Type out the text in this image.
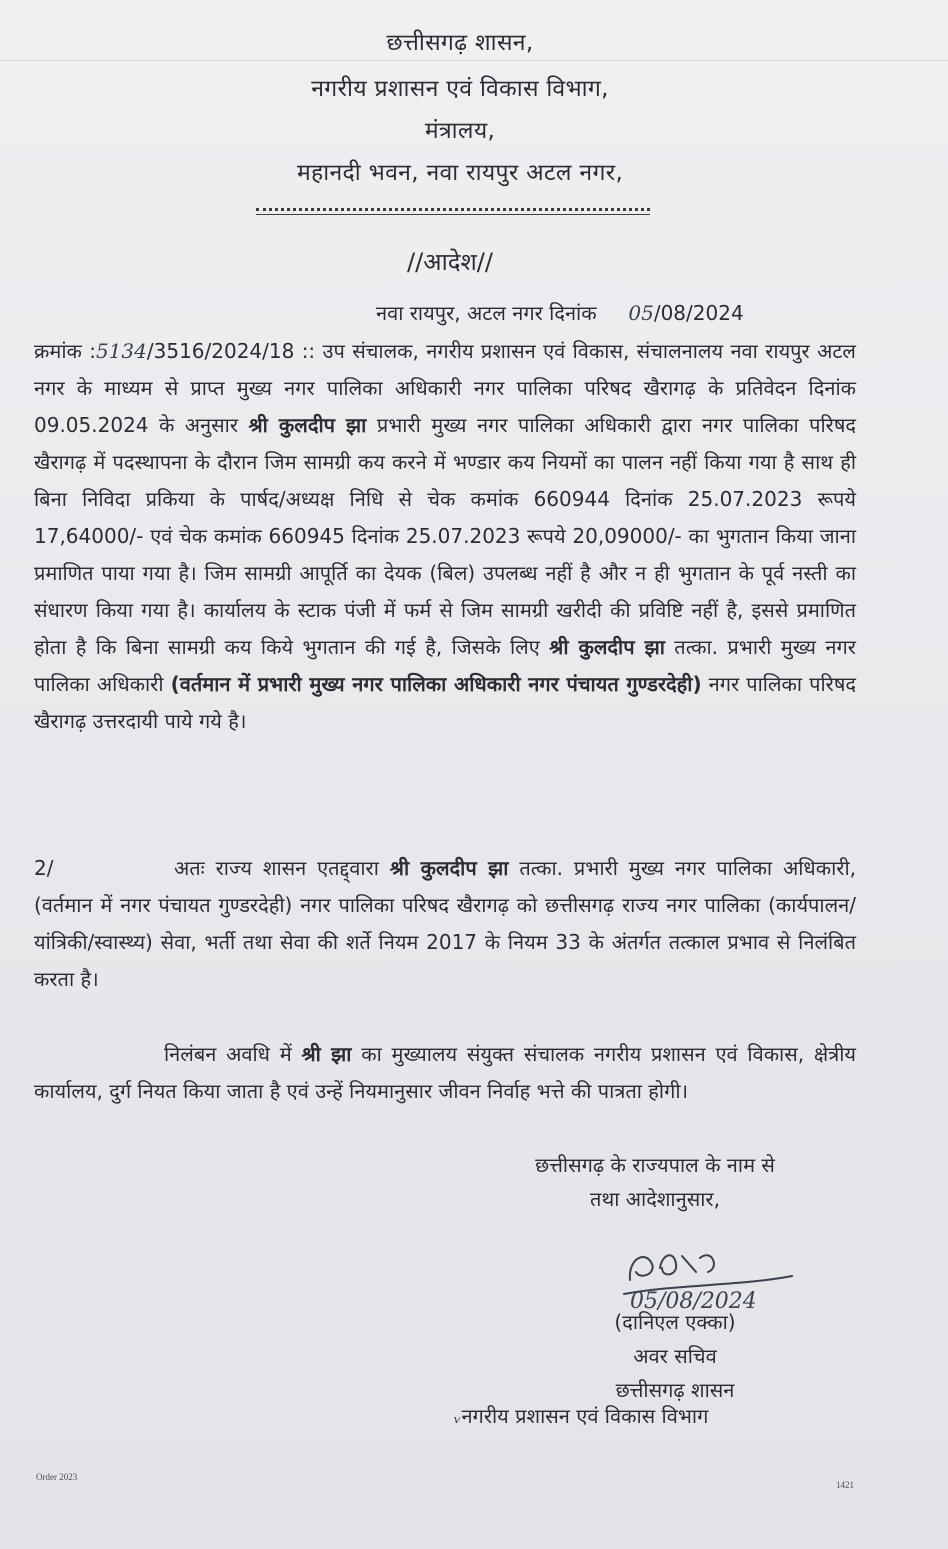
छत्तीसगढ़ शासन,
नगरीय प्रशासन एवं विकास विभाग,
मंत्रालय,
महानदी भवन, नवा रायपुर अटल नगर,
//आदेश//
नवा रायपुर, अटल नगर दिनांक 05/08/2024
क्रमांक :5134/3516/2024/18 :: उप संचालक, नगरीय प्रशासन एवं विकास, संचालनालय नवा रायपुर अटल नगर के माध्यम से प्राप्त मुख्य नगर पालिका अधिकारी नगर पालिका परिषद खैरागढ़ के प्रतिवेदन दिनांक 09.05.2024 के अनुसार श्री कुलदीप झा प्रभारी मुख्य नगर पालिका अधिकारी द्वारा नगर पालिका परिषद खैरागढ़ में पदस्थापना के दौरान जिम सामग्री कय करने में भण्डार कय नियमों का पालन नहीं किया गया है साथ ही बिना निविदा प्रकिया के पार्षद/अध्यक्ष निधि से चेक कमांक 660944 दिनांक 25.07.2023 रूपये 17,64000/- एवं चेक कमांक 660945 दिनांक 25.07.2023 रूपये 20,09000/- का भुगतान किया जाना प्रमाणित पाया गया है। जिम सामग्री आपूर्ति का देयक (बिल) उपलब्ध नहीं है और न ही भुगतान के पूर्व नस्ती का संधारण किया गया है। कार्यालय के स्टाक पंजी में फर्म से जिम सामग्री खरीदी की प्रविष्टि नहीं है, इससे प्रमाणित होता है कि बिना सामग्री कय किये भुगतान की गई है, जिसके लिए श्री कुलदीप झा तत्का. प्रभारी मुख्य नगर पालिका अधिकारी (वर्तमान में प्रभारी मुख्य नगर पालिका अधिकारी नगर पंचायत गुण्डरदेही) नगर पालिका परिषद खैरागढ़ उत्तरदायी पाये गये है।
2/	अतः राज्य शासन एतद्द्वारा श्री कुलदीप झा तत्का. प्रभारी मुख्य नगर पालिका अधिकारी, (वर्तमान में नगर पंचायत गुण्डरदेही) नगर पालिका परिषद खैरागढ़ को छत्तीसगढ़ राज्य नगर पालिका (कार्यपालन/यांत्रिकी/स्वास्थ्य) सेवा, भर्ती तथा सेवा की शर्ते नियम 2017 के नियम 33 के अंतर्गत तत्काल प्रभाव से निलंबित करता है।
निलंबन अवधि में श्री झा का मुख्यालय संयुक्त संचालक नगरीय प्रशासन एवं विकास, क्षेत्रीय कार्यालय, दुर्ग नियत किया जाता है एवं उन्हें नियमानुसार जीवन निर्वाह भत्ते की पात्रता होगी।
छत्तीसगढ़ के राज्यपाल के नाम से
तथा आदेशानुसार,
05/08/2024
(दानिएल एक्का)
अवर सचिव
छत्तीसगढ़ शासन
ᵥनगरीय प्रशासन एवं विकास विभाग
Order 2023
1421
